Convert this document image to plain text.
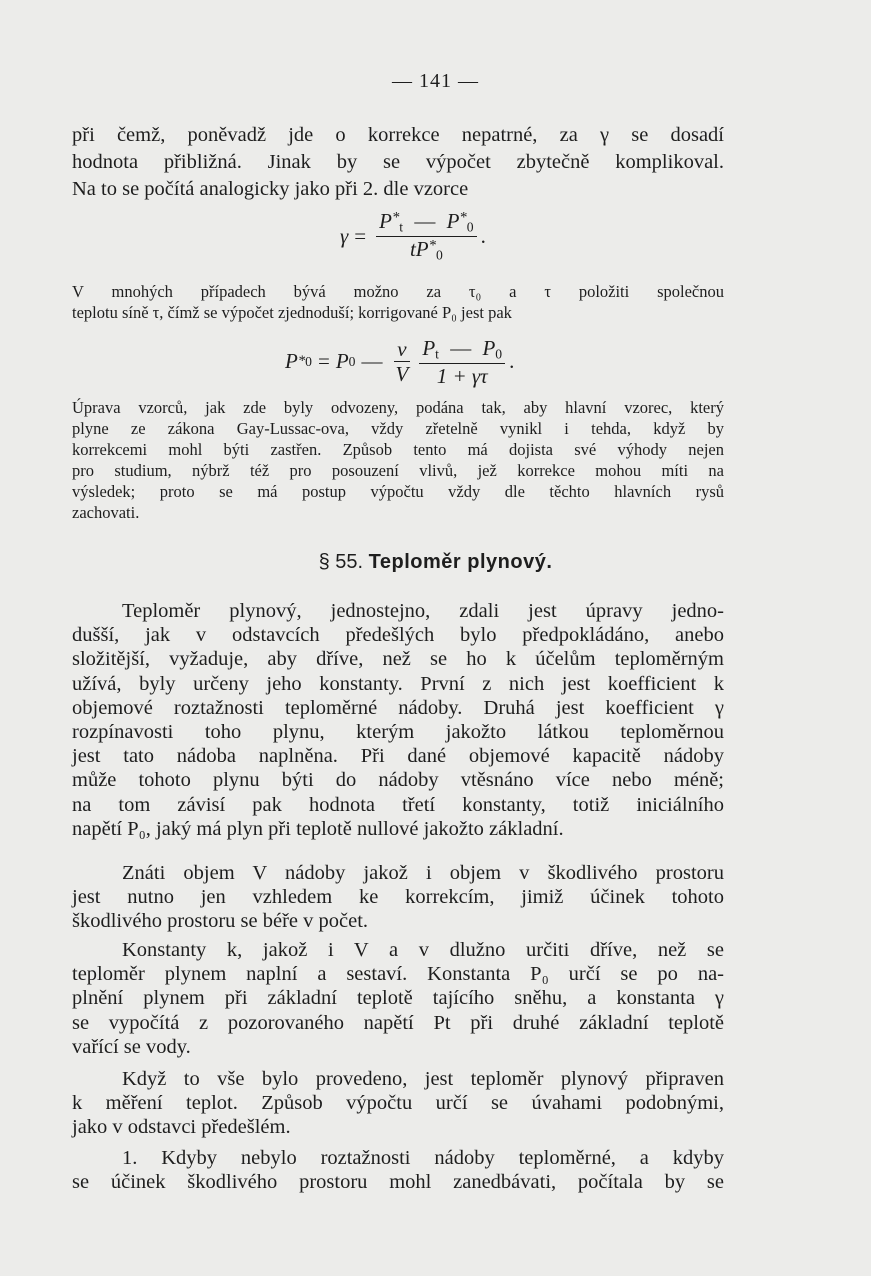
— 141 —
při čemž, poněvadž jde o korrekce nepatrné, za γ se dosadí
hodnota přibližná. Jinak by se výpočet zbytečně komplikoval.
Na to se počítá analogicky jako při 2. dle vzorce
$\gamma = \frac{P^*t — P^*0}{tP^*0}$ .
V mnohých případech bývá možno za τ₀ a τ položiti společnou
teplotu síně τ, čímž se výpočet zjednoduší; korrigované P₀ jest pak
P * 0 = P 0 — $\frac{v}{V} \frac{Pt — P0}{1 + \gamma\tau}$ .
Úprava vzorců, jak zde byly odvozeny, podána tak, aby hlavní vzorec, který
plyne ze zákona Gay-Lussac-ova, vždy zřetelně vynikl i tehda, když by
korrekcemi mohl býti zastřen. Způsob tento má dojista své výhody nejen
pro studium, nýbrž též pro posouzení vlivů, jež korrekce mohou míti na
výsledek; proto se má postup výpočtu vždy dle těchto hlavních rysů
zachovati.
§ 55. Teploměr plynový.
Teploměr plynový, jednostejno, zdali jest úpravy jedno-
dušší, jak v odstavcích předešlých bylo předpokládáno, anebo
složitější, vyžaduje, aby dříve, než se ho k účelům teploměrným
užívá, byly určeny jeho konstanty. První z nich jest koefficient k
objemové roztažnosti teploměrné nádoby. Druhá jest koefficient γ
rozpínavosti toho plynu, kterým jakožto látkou teploměrnou
jest tato nádoba naplněna. Při dané objemové kapacitě nádoby
může tohoto plynu býti do nádoby vtěsnáno více nebo méně;
na tom závisí pak hodnota třetí konstanty, totiž iniciálního
napětí P₀, jaký má plyn při teplotě nullové jakožto základní.
Znáti objem V nádoby jakož i objem v škodlivého prostoru
jest nutno jen vzhledem ke korrekcím, jimiž účinek tohoto
škodlivého prostoru se béře v počet.
Konstanty k, jakož i V a v dlužno určiti dříve, než se
teploměr plynem naplní a sestaví. Konstanta P₀ určí se po na-
plnění plynem při základní teplotě tajícího sněhu, a konstanta γ
se vypočítá z pozorovaného napětí Pt při druhé základní teplotě
vařící se vody.
Když to vše bylo provedeno, jest teploměr plynový připraven
k měření teplot. Způsob výpočtu určí se úvahami podobnými,
jako v odstavci předešlém.
1. Kdyby nebylo roztažnosti nádoby teploměrné, a kdyby
se účinek škodlivého prostoru mohl zanedbávati, počítala by se
